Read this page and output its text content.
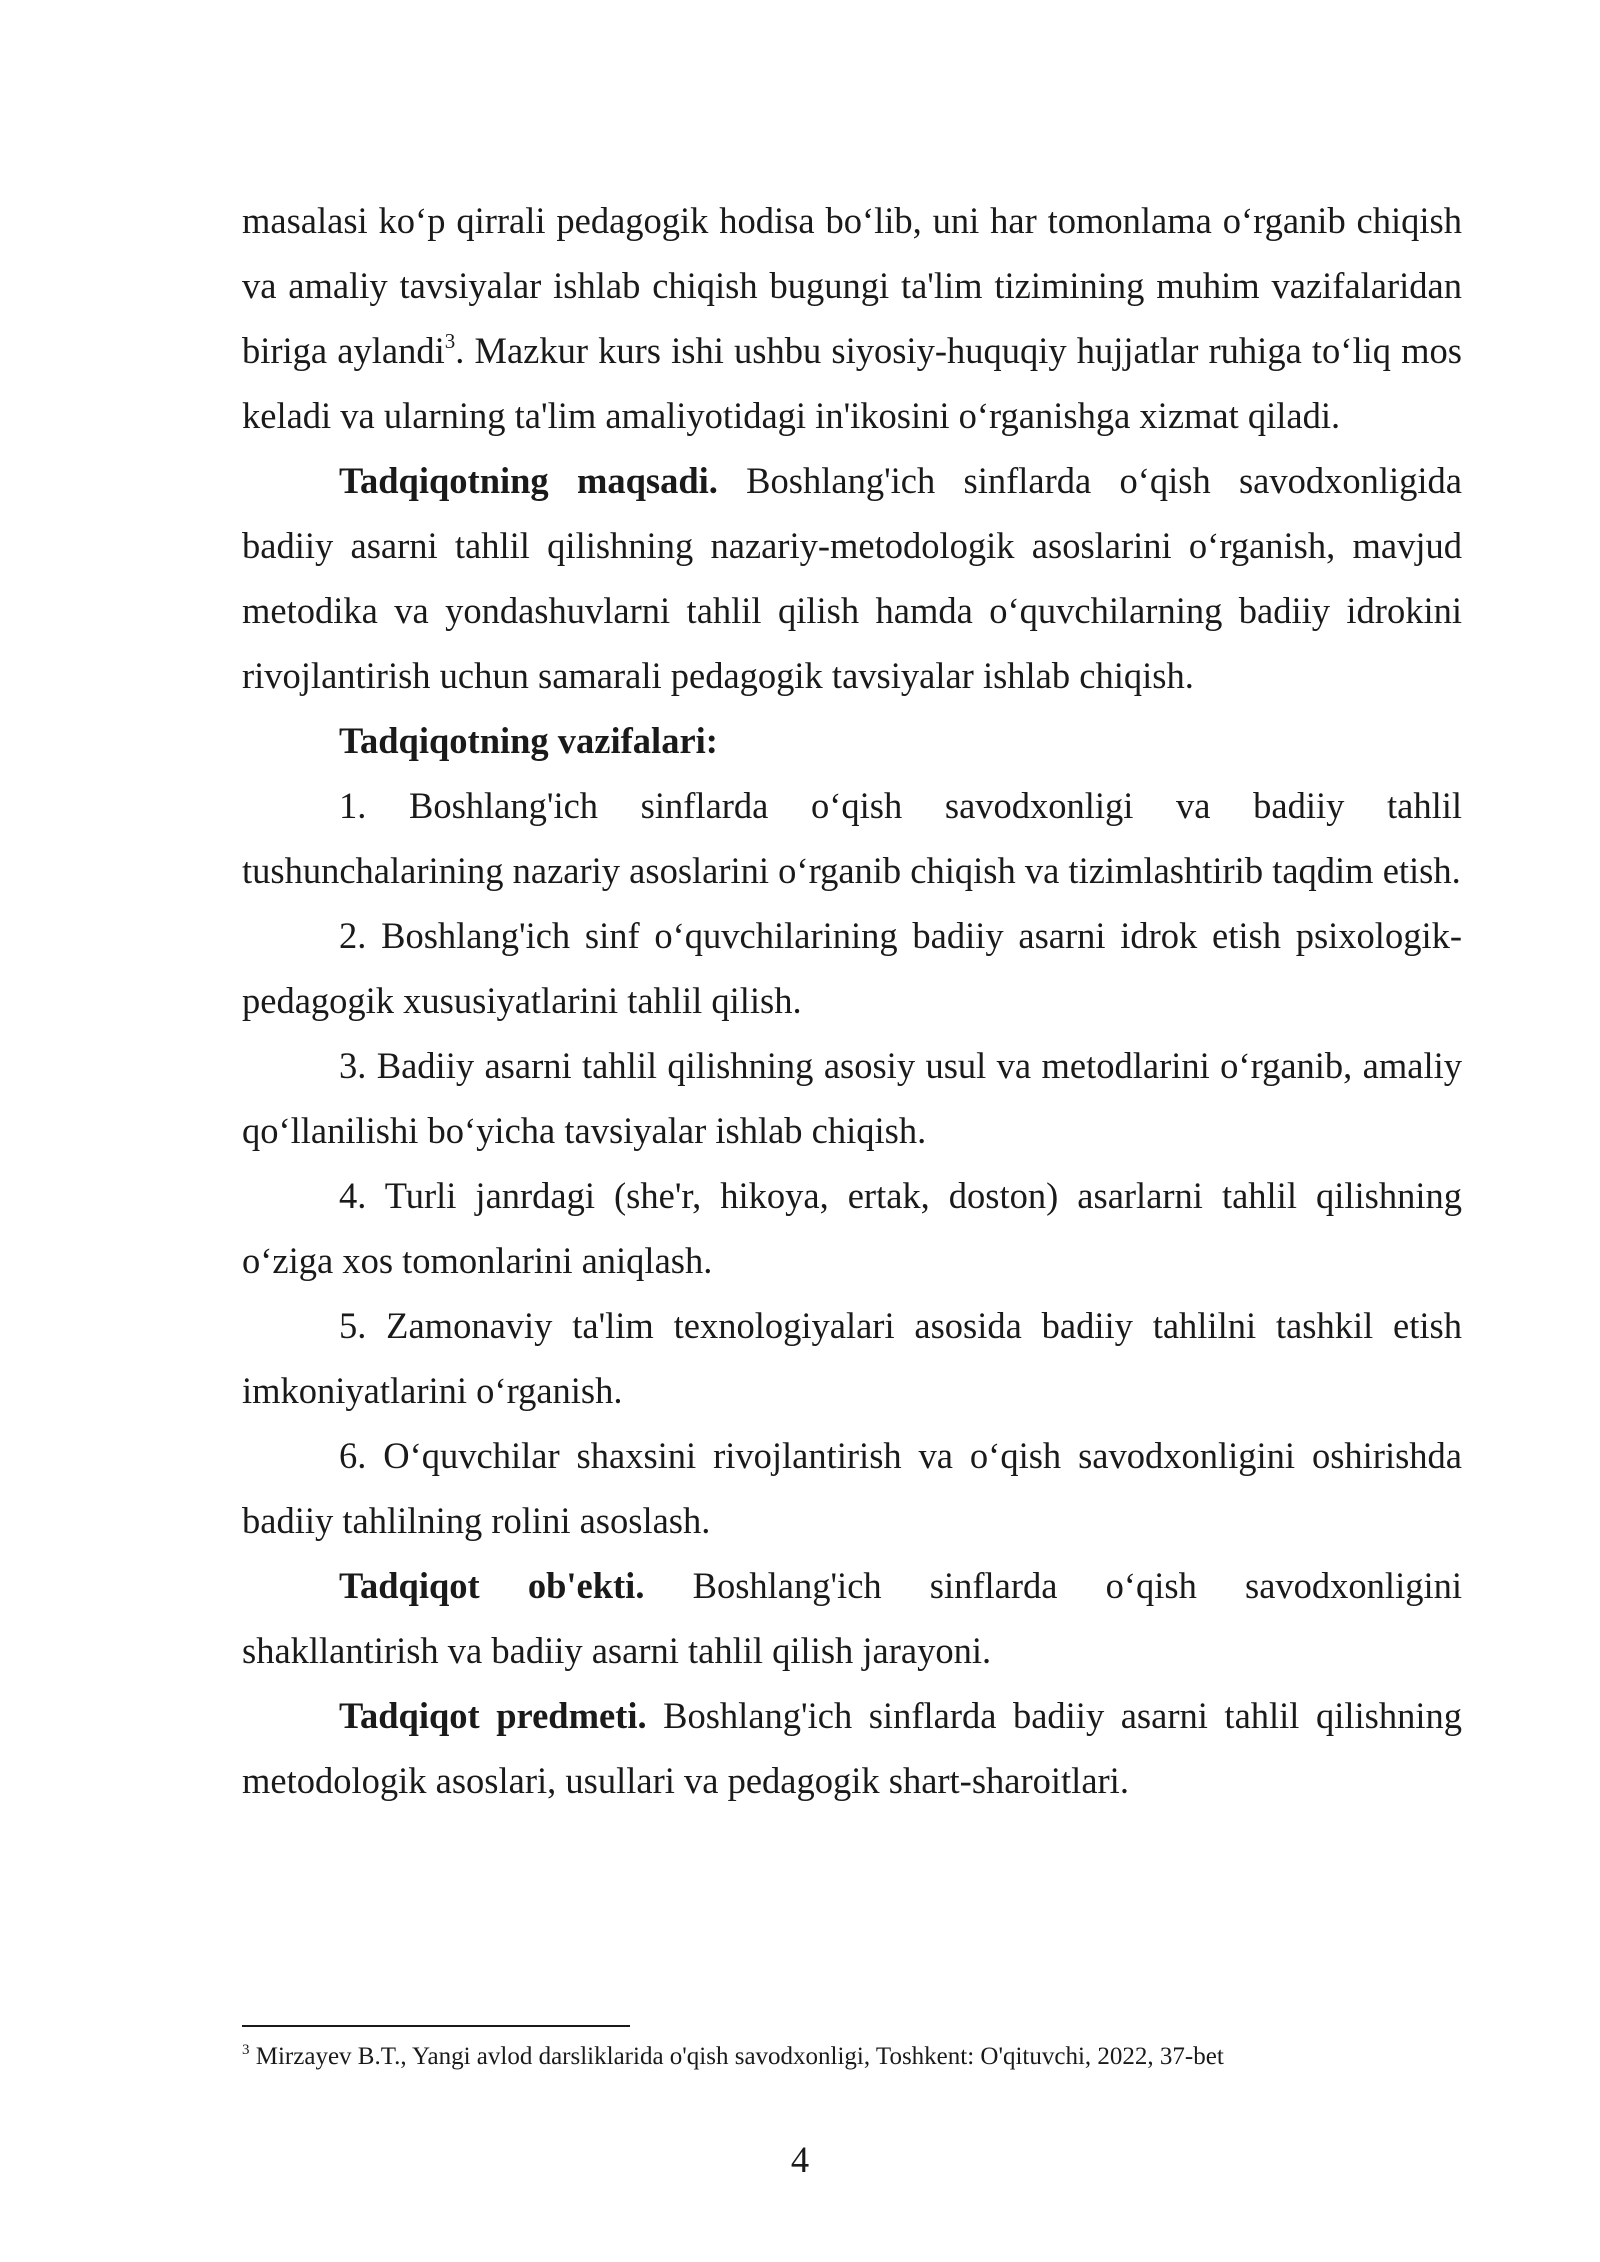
masalasi ko‘p qirrali pedagogik hodisa bo‘lib, uni har tomonlama o‘rganib chiqish va amaliy tavsiyalar ishlab chiqish bugungi ta'lim tizimining muhim vazifalaridan biriga aylandi$^3$. Mazkur kurs ishi ushbu siyosiy-huquqiy hujjatlar ruhiga to‘liq mos keladi va ularning ta'lim amaliyotidagi in'ikosini o‘rganishga xizmat qiladi.

Tadqiqotning maqsadi. Boshlang'ich sinflarda o‘qish savodxonligida badiiy asarni tahlil qilishning nazariy-metodologik asoslarini o‘rganish, mavjud metodika va yondashuvlarni tahlil qilish hamda o‘quvchilarning badiiy idrokini rivojlantirish uchun samarali pedagogik tavsiyalar ishlab chiqish.

Tadqiqotning vazifalari:

1. Boshlang'ich sinflarda o‘qish savodxonligi va badiiy tahlil tushunchalarining nazariy asoslarini o‘rganib chiqish va tizimlashtirib taqdim etish.

2. Boshlang'ich sinf o‘quvchilarining badiiy asarni idrok etish psixologik-pedagogik xususiyatlarini tahlil qilish.

3. Badiiy asarni tahlil qilishning asosiy usul va metodlarini o‘rganib, amaliy qo‘llanilishi bo‘yicha tavsiyalar ishlab chiqish.

4. Turli janrdagi (she'r, hikoya, ertak, doston) asarlarni tahlil qilishning o‘ziga xos tomonlarini aniqlash.

5. Zamonaviy ta'lim texnologiyalari asosida badiiy tahlilni tashkil etish imkoniyatlarini o‘rganish.

6. O‘quvchilar shaxsini rivojlantirish va o‘qish savodxonligini oshirishda badiiy tahlilning rolini asoslash.

Tadqiqot ob'ekti. Boshlang'ich sinflarda o‘qish savodxonligini shakllantirish va badiiy asarni tahlil qilish jarayoni.

Tadqiqot predmeti. Boshlang'ich sinflarda badiiy asarni tahlil qilishning metodologik asoslari, usullari va pedagogik shart-sharoitlari.

$^3$ Mirzayev B.T., Yangi avlod darsliklarida o'qish savodxonligi, Toshkent: O'qituvchi, 2022, 37-bet
4
